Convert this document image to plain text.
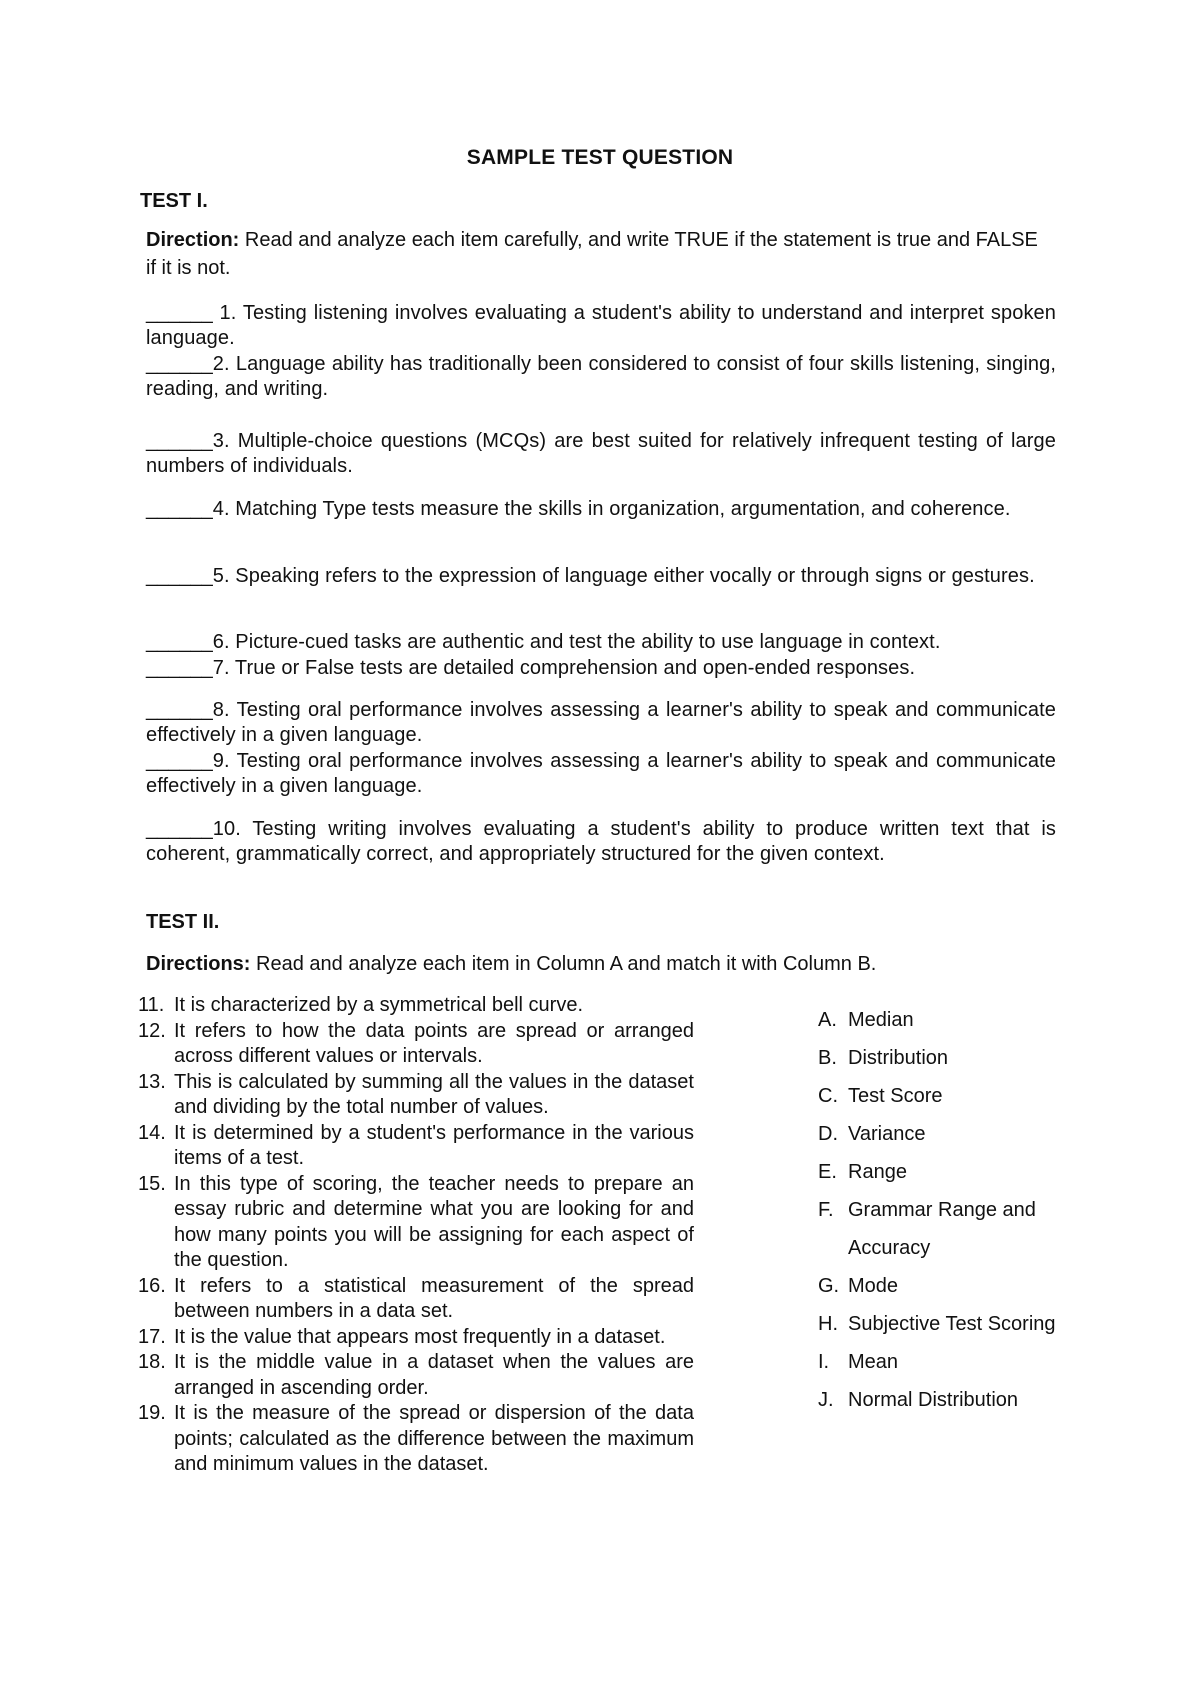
SAMPLE TEST QUESTION
TEST I.
Direction: Read and analyze each item carefully, and write TRUE if the statement is true and FALSE if it is not.
______ 1. Testing listening involves evaluating a student's ability to understand and interpret spoken language.
______2. Language ability has traditionally been considered to consist of four skills listening, singing, reading, and writing.
______3. Multiple-choice questions (MCQs) are best suited for relatively infrequent testing of large numbers of individuals.
______4. Matching Type tests measure the skills in organization, argumentation, and coherence.
______5. Speaking refers to the expression of language either vocally or through signs or gestures.
______6. Picture-cued tasks are authentic and test the ability to use language in context.
______7. True or False tests are detailed comprehension and open-ended responses.
______8. Testing oral performance involves assessing a learner's ability to speak and communicate effectively in a given language.
______9. Testing oral performance involves assessing a learner's ability to speak and communicate effectively in a given language.
______10. Testing writing involves evaluating a student's ability to produce written text that is coherent, grammatically correct, and appropriately structured for the given context.
TEST II.
Directions: Read and analyze each item in Column A and match it with Column B.
11. It is characterized by a symmetrical bell curve.
12. It refers to how the data points are spread or arranged across different values or intervals.
13. This is calculated by summing all the values in the dataset and dividing by the total number of values.
14. It is determined by a student's performance in the various items of a test.
15. In this type of scoring, the teacher needs to prepare an essay rubric and determine what you are looking for and how many points you will be assigning for each aspect of the question.
16. It refers to a statistical measurement of the spread between numbers in a data set.
17. It is the value that appears most frequently in a dataset.
18. It is the middle value in a dataset when the values are arranged in ascending order.
19. It is the measure of the spread or dispersion of the data points; calculated as the difference between the maximum and minimum values in the dataset.
A. Median
B. Distribution
C. Test Score
D. Variance
E. Range
F. Grammar Range and Accuracy
G. Mode
H. Subjective Test Scoring
I. Mean
J. Normal Distribution
